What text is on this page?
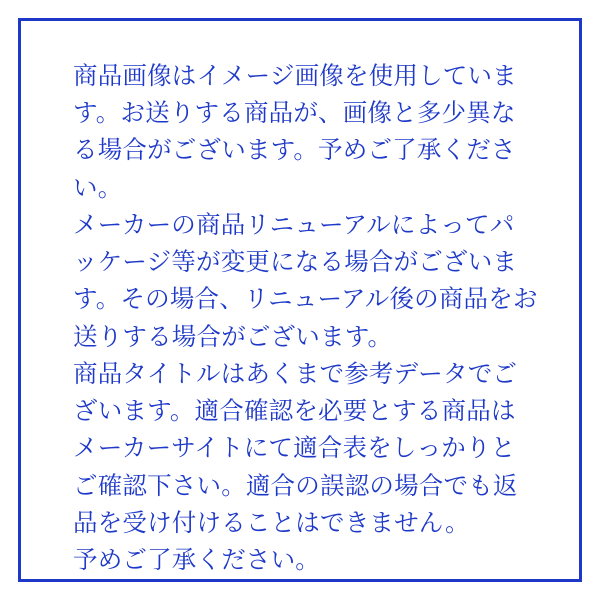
商品画像はイメージ画像を使用しています。お送りする商品が、画像と多少異なる場合がございます。予めご了承ください。

メーカーの商品リニューアルによってパッケージ等が変更になる場合がございます。その場合、リニューアル後の商品をお送りする場合がございます。

商品タイトルはあくまで参考データでございます。適合確認を必要とする商品はメーカーサイトにて適合表をしっかりとご確認下さい。適合の誤認の場合でも返品を受け付けることはできません。

予めご了承ください。
